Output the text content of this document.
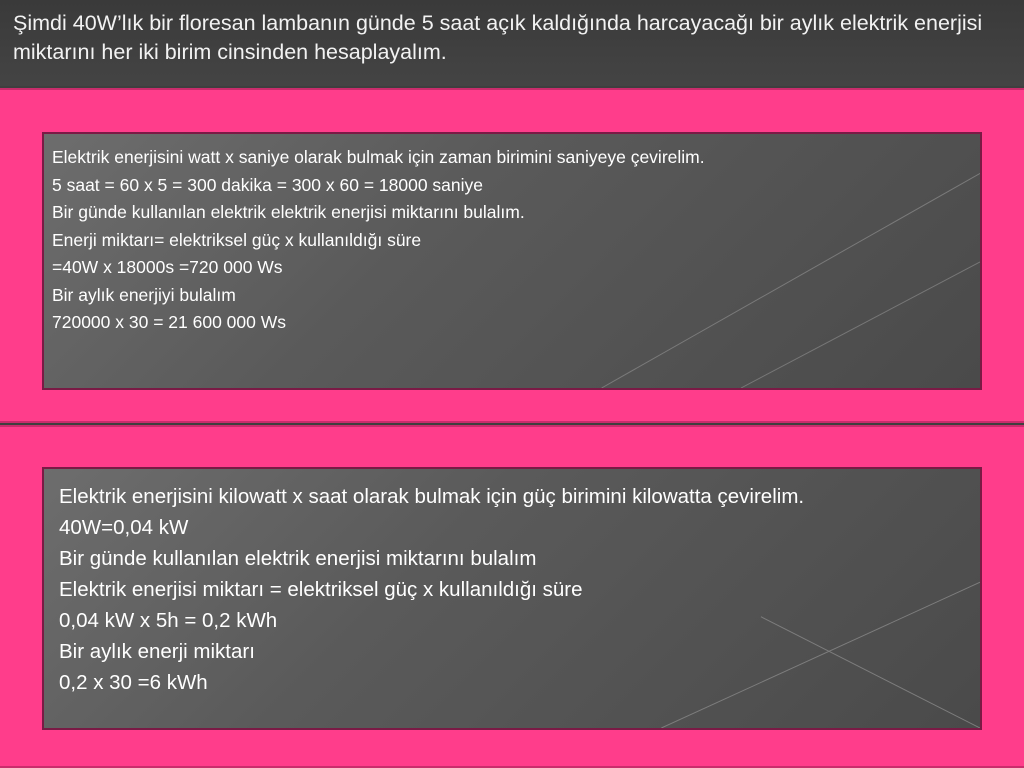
Şimdi 40W’lık bir floresan lambanın günde 5 saat açık kaldığında harcayacağı bir aylık elektrik enerjisi miktarını her iki birim cinsinden hesaplayalım.
Elektrik enerjisini watt x saniye olarak bulmak için zaman birimini saniyeye çevirelim.
5 saat = 60 x 5 = 300 dakika = 300 x 60 = 18000 saniye
Bir günde kullanılan elektrik elektrik enerjisi miktarını bulalım.
Enerji miktarı= elektriksel güç x kullanıldığı süre
=40W x 18000s =720 000 Ws
Bir aylık enerjiyi bulalım
720000 x 30 = 21 600 000 Ws
Elektrik enerjisini kilowatt x saat olarak bulmak için güç birimini kilowatta çevirelim.
40W=0,04 kW
Bir günde kullanılan elektrik enerjisi miktarını bulalım
Elektrik enerjisi miktarı = elektriksel güç x kullanıldığı süre
0,04 kW x 5h = 0,2 kWh
Bir aylık enerji miktarı
0,2 x 30 =6 kWh
